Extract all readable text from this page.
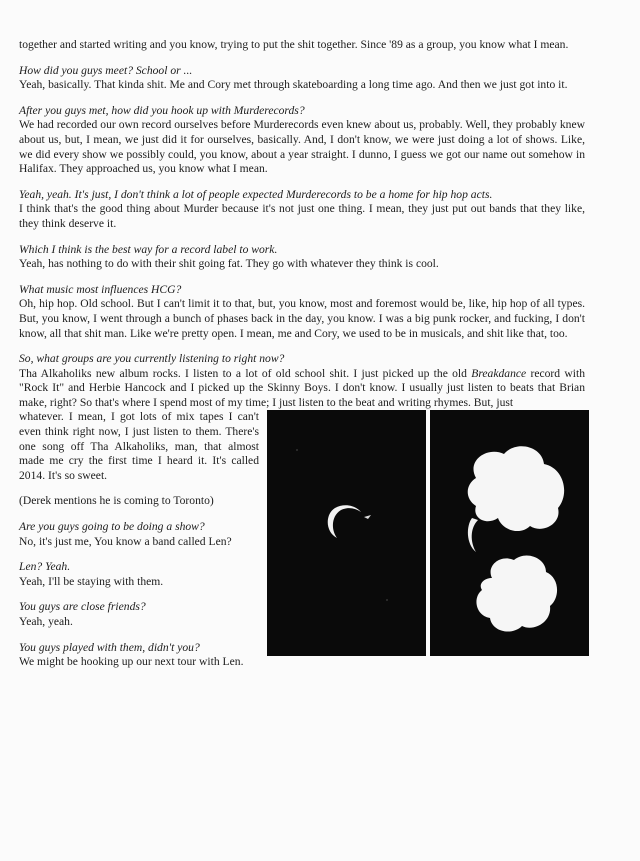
together and started writing and you know, trying to put the shit together. Since '89 as a group, you know what I mean.

How did you guys meet? School or ...
Yeah, basically. That kinda shit. Me and Cory met through skateboarding a long time ago. And then we just got into it.

After you guys met, how did you hook up with Murderecords?
We had recorded our own record ourselves before Murderecords even knew about us, probably. Well, they probably knew about us, but, I mean, we just did it for ourselves, basically. And, I don't know, we were just doing a lot of shows. Like, we did every show we possibly could, you know, about a year straight. I dunno, I guess we got our name out somehow in Halifax. They approached us, you know what I mean.

Yeah, yeah. It's just, I don't think a lot of people expected Murderecords to be a home for hip hop acts.
I think that's the good thing about Murder because it's not just one thing. I mean, they just put out bands that they like, they think deserve it.

Which I think is the best way for a record label to work.
Yeah, has nothing to do with their shit going fat. They go with whatever they think is cool.

What music most influences HCG?
Oh, hip hop. Old school. But I can't limit it to that, but, you know, most and foremost would be, like, hip hop of all types. But, you know, I went through a bunch of phases back in the day, you know. I was a big punk rocker, and fucking, I don't know, all that shit man. Like we're pretty open. I mean, me and Cory, we used to be in musicals, and shit like that, too.

So, what groups are you currently listening to right now?
Tha Alkaholiks new album rocks. I listen to a lot of old school shit. I just picked up the old Breakdance record with "Rock It" and Herbie Hancock and I picked up the Skinny Boys. I don't know. I usually just listen to beats that Brian make, right? So that's where I spend most of my time; I just listen to the beat and writing rhymes. But, just

whatever. I mean, I got lots of mix tapes I can't even think right now, I just listen to them. There's one song off Tha Alkaholiks, man, that almost made me cry the first time I heard it. It's called 2014. It's so sweet.

(Derek mentions he is coming to Toronto)

Are you guys going to be doing a show?
No, it's just me, You know a band called Len?

Len? Yeah.
Yeah, I'll be staying with them.

You guys are close friends?
Yeah, yeah.

You guys played with them, didn't you?
We might be hooking up our next tour with Len.
